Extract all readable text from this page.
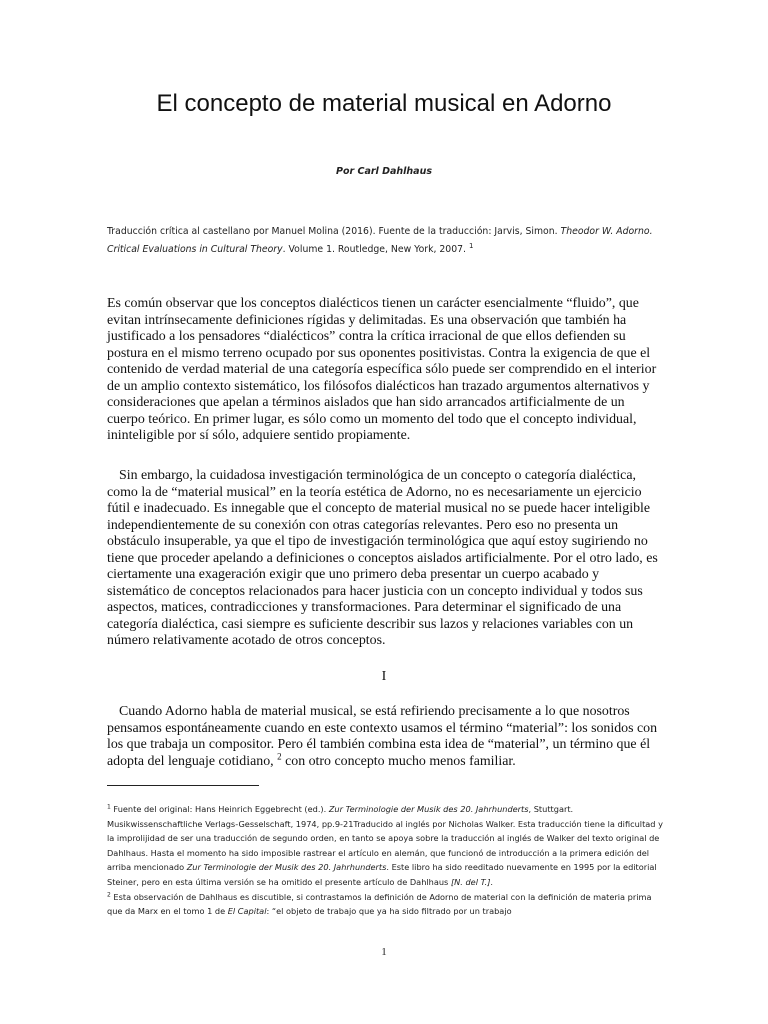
El concepto de material musical en Adorno
Por Carl Dahlhaus
Traducción crítica al castellano por Manuel Molina (2016). Fuente de la traducción: Jarvis, Simon. Theodor W. Adorno. Critical Evaluations in Cultural Theory. Volume 1. Routledge, New York, 2007. $^1$
Es común observar que los conceptos dialécticos tienen un carácter esencialmente “fluido”, que evitan intrínsecamente definiciones rígidas y delimitadas. Es una observación que también ha justificado a los pensadores “dialécticos” contra la crítica irracional de que ellos defienden su postura en el mismo terreno ocupado por sus oponentes positivistas. Contra la exigencia de que el contenido de verdad material de una categoría específica sólo puede ser comprendido en el interior de un amplio contexto sistemático, los filósofos dialécticos han trazado argumentos alternativos y consideraciones que apelan a términos aislados que han sido arrancados artificialmente de un cuerpo teórico. En primer lugar, es sólo como un momento del todo que el concepto individual, ininteligible por sí sólo, adquiere sentido propiamente.
Sin embargo, la cuidadosa investigación terminológica de un concepto o categoría dialéctica, como la de “material musical” en la teoría estética de Adorno, no es necesariamente un ejercicio fútil e inadecuado. Es innegable que el concepto de material musical no se puede hacer inteligible independientemente de su conexión con otras categorías relevantes. Pero eso no presenta un obstáculo insuperable, ya que el tipo de investigación terminológica que aquí estoy sugiriendo no tiene que proceder apelando a definiciones o conceptos aislados artificialmente. Por el otro lado, es ciertamente una exageración exigir que uno primero deba presentar un cuerpo acabado y sistemático de conceptos relacionados para hacer justicia con un concepto individual y todos sus aspectos, matices, contradicciones y transformaciones. Para determinar el significado de una categoría dialéctica, casi siempre es suficiente describir sus lazos y relaciones variables con un número relativamente acotado de otros conceptos.
I
Cuando Adorno habla de material musical, se está refiriendo precisamente a lo que nosotros pensamos espontáneamente cuando en este contexto usamos el término “material”: los sonidos con los que trabaja un compositor. Pero él también combina esta idea de “material”, un término que él adopta del lenguaje cotidiano, $^2$ con otro concepto mucho menos familiar.

$^1$ Fuente del original: Hans Heinrich Eggebrecht (ed.). Zur Terminologie der Musik des 20. Jahrhunderts, Stuttgart. Musikwissenschaftliche Verlags-Gesselschaft, 1974, pp.9-21Traducido al inglés por Nicholas Walker. Esta traducción tiene la dificultad y la improlijidad de ser una traducción de segundo orden, en tanto se apoya sobre la traducción al inglés de Walker del texto original de Dahlhaus. Hasta el momento ha sido imposible rastrear el artículo en alemán, que funcionó de introducción a la primera edición del arriba mencionado Zur Terminologie der Musik des 20. Jahrhunderts. Este libro ha sido reeditado nuevamente en 1995 por la editorial Steiner, pero en esta última versión se ha omitido el presente artículo de Dahlhaus [N. del T.].

$^2$ Esta observación de Dahlhaus es discutible, si contrastamos la definición de Adorno de material con la definición de materia prima que da Marx en el tomo 1 de El Capital: “el objeto de trabajo que ya ha sido filtrado por un trabajo

1
